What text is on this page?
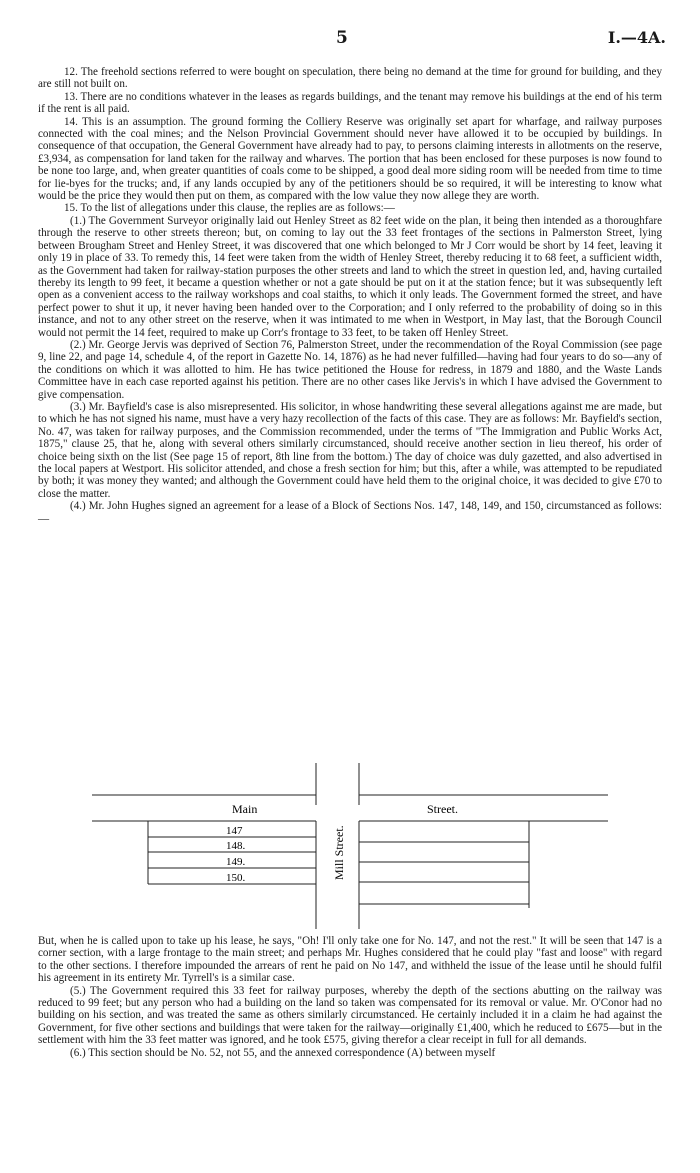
5	I.—4A.

12. The freehold sections referred to were bought on speculation, there being no demand at the time for ground for building, and they are still not built on.

13. There are no conditions whatever in the leases as regards buildings, and the tenant may remove his buildings at the end of his term if the rent is all paid.

14. This is an assumption. The ground forming the Colliery Reserve was originally set apart for wharfage, and railway purposes connected with the coal mines; and the Nelson Provincial Government should never have allowed it to be occupied by buildings. In consequence of that occupation, the General Government have already had to pay, to persons claiming interests in allotments on the reserve, £3,934, as compensation for land taken for the railway and wharves. The portion that has been enclosed for these purposes is now found to be none too large, and, when greater quantities of coals come to be shipped, a good deal more siding room will be needed from time to time for lie-byes for the trucks; and, if any lands occupied by any of the petitioners should be so required, it will be interesting to know what would be the price they would then put on them, as compared with the low value they now allege they are worth.

15. To the list of allegations under this clause, the replies are as follows:—

(1.) The Government Surveyor originally laid out Henley Street as 82 feet wide on the plan, it being then intended as a thoroughfare through the reserve to other streets thereon; but, on coming to lay out the 33 feet frontages of the sections in Palmerston Street, lying between Brougham Street and Henley Street, it was discovered that one which belonged to Mr J Corr would be short by 14 feet, leaving it only 19 in place of 33. To remedy this, 14 feet were taken from the width of Henley Street, thereby reducing it to 68 feet, a sufficient width, as the Government had taken for railway-station purposes the other streets and land to which the street in question led, and, having curtailed thereby its length to 99 feet, it became a question whether or not a gate should be put on it at the station fence; but it was subsequently left open as a convenient access to the railway workshops and coal staiths, to which it only leads. The Government formed the street, and have perfect power to shut it up, it never having been handed over to the Corporation; and I only referred to the probability of doing so in this instance, and not to any other street on the reserve, when it was intimated to me when in Westport, in May last, that the Borough Council would not permit the 14 feet, required to make up Corr's frontage to 33 feet, to be taken off Henley Street.

(2.) Mr. George Jervis was deprived of Section 76, Palmerston Street, under the recommendation of the Royal Commission (see page 9, line 22, and page 14, schedule 4, of the report in Gazette No. 14, 1876) as he had never fulfilled—having had four years to do so—any of the conditions on which it was allotted to him. He has twice petitioned the House for redress, in 1879 and 1880, and the Waste Lands Committee have in each case reported against his petition. There are no other cases like Jervis's in which I have advised the Government to give compensation.

(3.) Mr. Bayfield's case is also misrepresented. His solicitor, in whose handwriting these several allegations against me are made, but to which he has not signed his name, must have a very hazy recollection of the facts of this case. They are as follows: Mr. Bayfield's section, No. 47, was taken for railway purposes, and the Commission recommended, under the terms of "The Immigration and Public Works Act, 1875," clause 25, that he, along with several others similarly circumstanced, should receive another section in lieu thereof, his order of choice being sixth on the list (See page 15 of report, 8th line from the bottom.) The day of choice was duly gazetted, and also advertised in the local papers at Westport. His solicitor attended, and chose a fresh section for him; but this, after a while, was attempted to be repudiated by both; it was money they wanted; and although the Government could have held them to the original choice, it was decided to give £70 to close the matter.

(4.) Mr. John Hughes signed an agreement for a lease of a Block of Sections Nos. 147, 148, 149, and 150, circumstanced as follows:—

Main	Street.
147
148.
149.
150.	Mill Street.

But, when he is called upon to take up his lease, he says, "Oh! I'll only take one for No. 147, and not the rest." It will be seen that 147 is a corner section, with a large frontage to the main street; and perhaps Mr. Hughes considered that he could play "fast and loose" with regard to the other sections. I therefore impounded the arrears of rent he paid on No 147, and withheld the issue of the lease until he should fulfil his agreement in its entirety Mr. Tyrrell's is a similar case.

(5.) The Government required this 33 feet for railway purposes, whereby the depth of the sections abutting on the railway was reduced to 99 feet; but any person who had a building on the land so taken was compensated for its removal or value. Mr. O'Conor had no building on his section, and was treated the same as others similarly circumstanced. He certainly included it in a claim he had against the Government, for five other sections and buildings that were taken for the railway—originally £1,400, which he reduced to £675—but in the settlement with him the 33 feet matter was ignored, and he took £575, giving therefor a clear receipt in full for all demands.

(6.) This section should be No. 52, not 55, and the annexed correspondence (A) between myself
